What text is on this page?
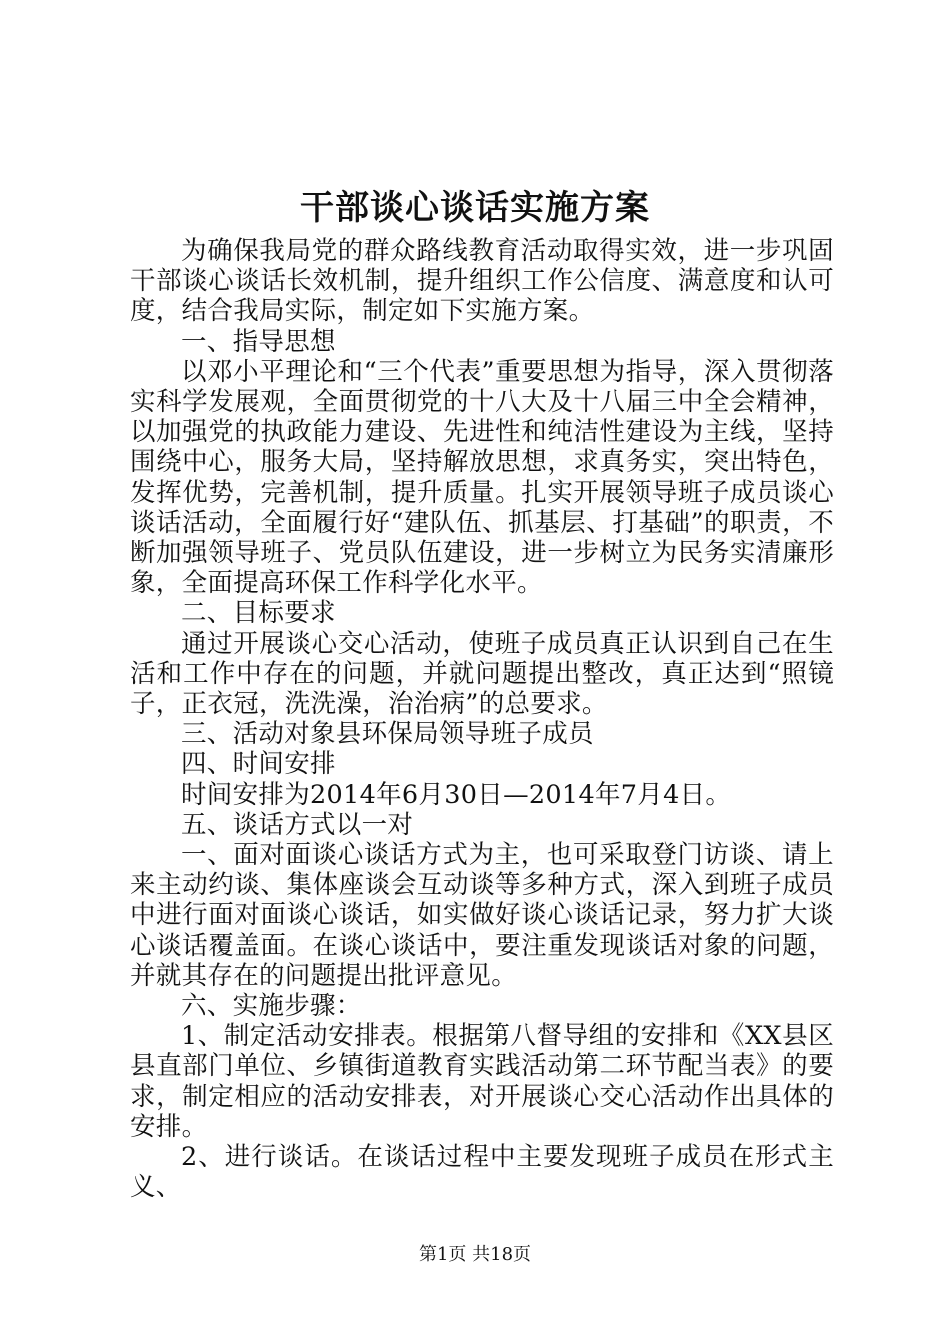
干部谈心谈话实施方案

为确保我局党的群众路线教育活动取得实效，进一步巩固干部谈心谈话长效机制，提升组织工作公信度、满意度和认可度，结合我局实际，制定如下实施方案。

一、指导思想

以邓小平理论和“三个代表”重要思想为指导，深入贯彻落实科学发展观，全面贯彻党的十八大及十八届三中全会精神，以加强党的执政能力建设、先进性和纯洁性建设为主线，坚持围绕中心，服务大局，坚持解放思想，求真务实，突出特色，发挥优势，完善机制，提升质量。扎实开展领导班子成员谈心谈话活动，全面履行好“建队伍、抓基层、打基础”的职责，不断加强领导班子、党员队伍建设，进一步树立为民务实清廉形象，全面提高环保工作科学化水平。

二、目标要求

通过开展谈心交心活动，使班子成员真正认识到自己在生活和工作中存在的问题，并就问题提出整改，真正达到“照镜子，正衣冠，洗洗澡，治治病”的总要求。

三、活动对象县环保局领导班子成员

四、时间安排

时间安排为2014年6月30日—2014年7月4日。

五、谈话方式以一对

一、面对面谈心谈话方式为主，也可采取登门访谈、请上来主动约谈、集体座谈会互动谈等多种方式，深入到班子成员中进行面对面谈心谈话，如实做好谈心谈话记录，努力扩大谈心谈话覆盖面。在谈心谈话中，要注重发现谈话对象的问题，并就其存在的问题提出批评意见。

六、实施步骤：

1、制定活动安排表。根据第八督导组的安排和《XX县区县直部门单位、乡镇街道教育实践活动第二环节配当表》的要求，制定相应的活动安排表，对开展谈心交心活动作出具体的安排。

2、进行谈话。在谈话过程中主要发现班子成员在形式主义、

第1页 共18页
